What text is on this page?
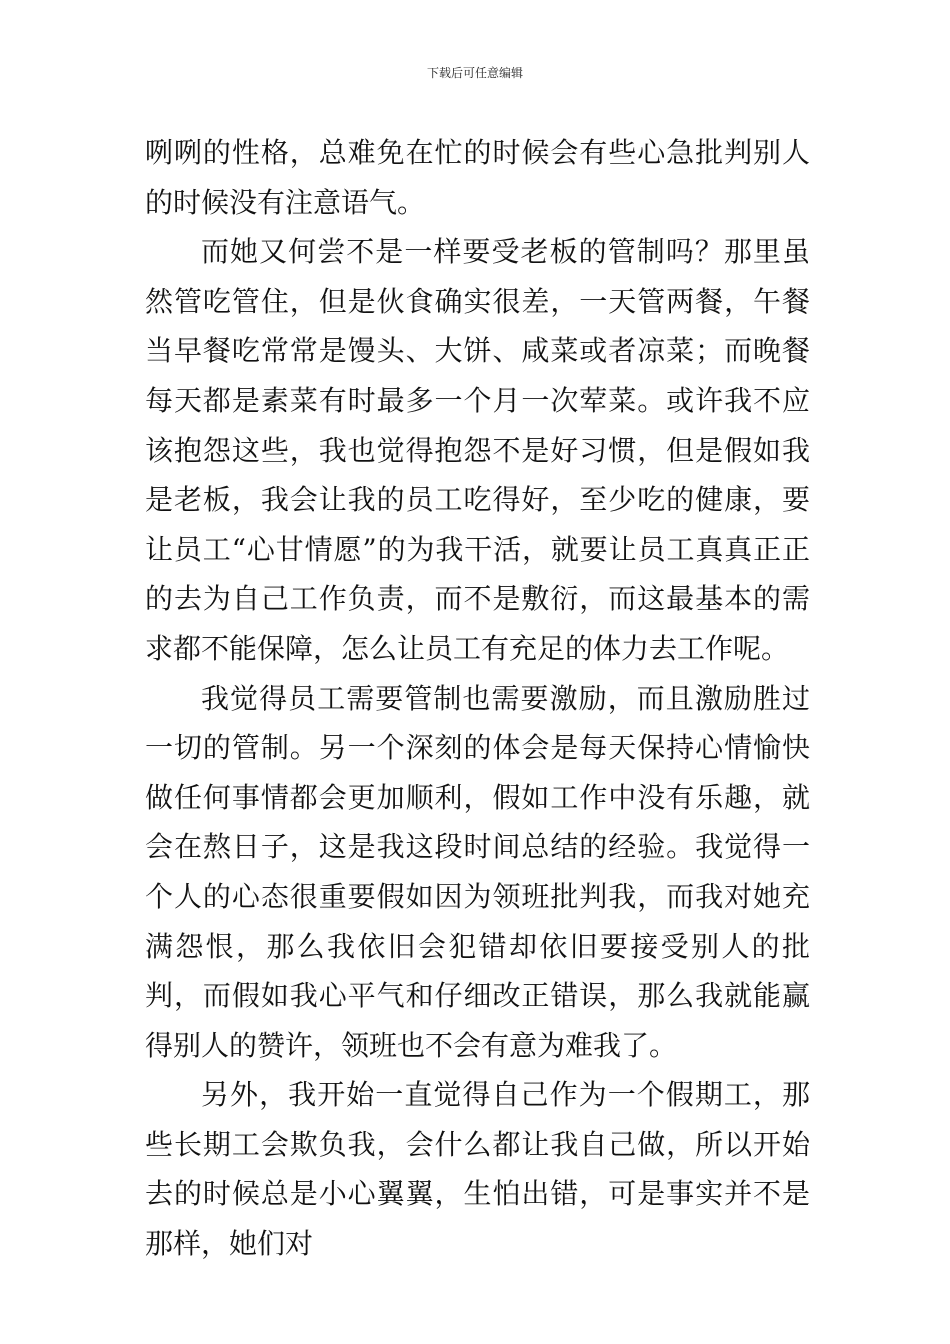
下载后可任意编辑

咧咧的性格，总难免在忙的时候会有些心急批判别人的时候没有注意语气。

而她又何尝不是一样要受老板的管制吗？那里虽然管吃管住，但是伙食确实很差，一天管两餐，午餐当早餐吃常常是馒头、大饼、咸菜或者凉菜；而晚餐每天都是素菜有时最多一个月一次荤菜。或许我不应该抱怨这些，我也觉得抱怨不是好习惯，但是假如我是老板，我会让我的员工吃得好，至少吃的健康，要让员工“心甘情愿”的为我干活，就要让员工真真正正的去为自己工作负责，而不是敷衍，而这最基本的需求都不能保障，怎么让员工有充足的体力去工作呢。

我觉得员工需要管制也需要激励，而且激励胜过一切的管制。另一个深刻的体会是每天保持心情愉快做任何事情都会更加顺利，假如工作中没有乐趣，就会在熬日子，这是我这段时间总结的经验。我觉得一个人的心态很重要假如因为领班批判我，而我对她充满怨恨，那么我依旧会犯错却依旧要接受别人的批判，而假如我心平气和仔细改正错误，那么我就能赢得别人的赞许，领班也不会有意为难我了。

另外，我开始一直觉得自己作为一个假期工，那些长期工会欺负我，会什么都让我自己做，所以开始去的时候总是小心翼翼，生怕出错，可是事实并不是那样，她们对
